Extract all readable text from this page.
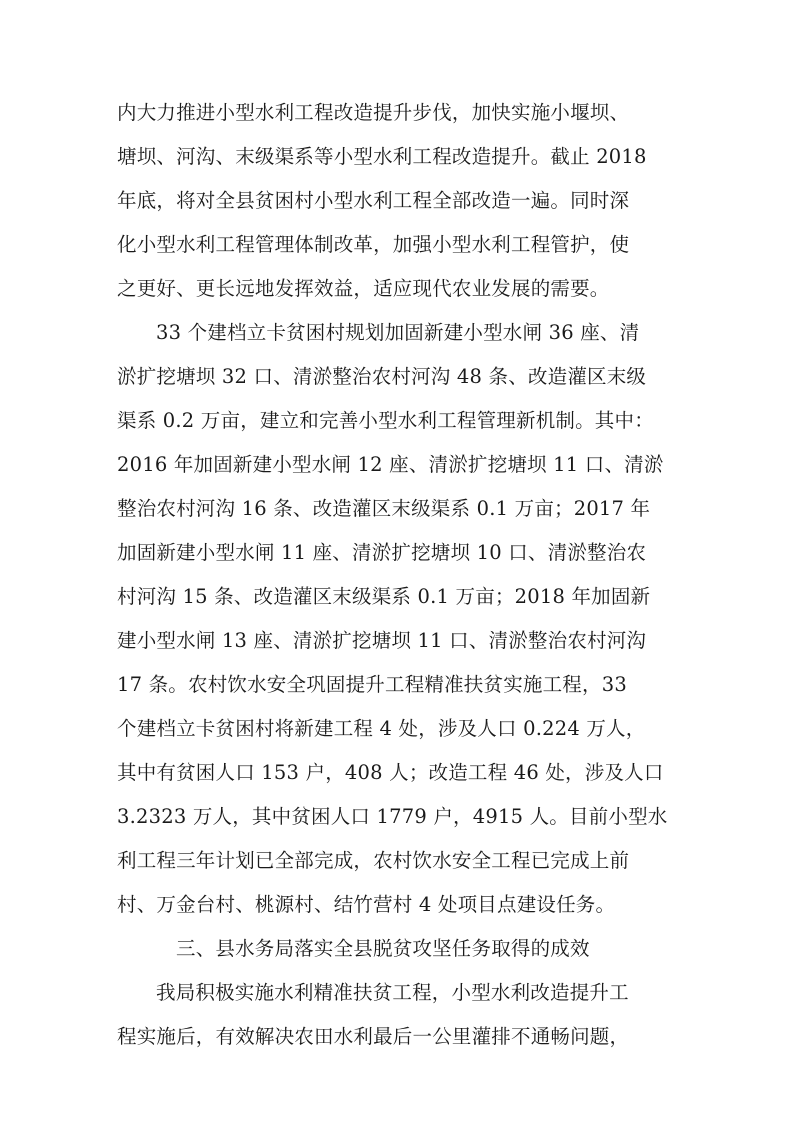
内大力推进小型水利工程改造提升步伐，加快实施小堰坝、
塘坝、河沟、末级渠系等小型水利工程改造提升。截止 2018
年底，将对全县贫困村小型水利工程全部改造一遍。同时深
化小型水利工程管理体制改革，加强小型水利工程管护，使
之更好、更长远地发挥效益，适应现代农业发展的需要。
33 个建档立卡贫困村规划加固新建小型水闸 36 座、清
淤扩挖塘坝 32 口、清淤整治农村河沟 48 条、改造灌区末级
渠系 0.2 万亩，建立和完善小型水利工程管理新机制。其中：
2016 年加固新建小型水闸 12 座、清淤扩挖塘坝 11 口、清淤
整治农村河沟 16 条、改造灌区末级渠系 0.1 万亩；2017 年
加固新建小型水闸 11 座、清淤扩挖塘坝 10 口、清淤整治农
村河沟 15 条、改造灌区末级渠系 0.1 万亩；2018 年加固新
建小型水闸 13 座、清淤扩挖塘坝 11 口、清淤整治农村河沟
17 条。农村饮水安全巩固提升工程精准扶贫实施工程，33
个建档立卡贫困村将新建工程 4 处，涉及人口 0.224 万人，
其中有贫困人口 153 户，408 人；改造工程 46 处，涉及人口
3.2323 万人，其中贫困人口 1779 户，4915 人。目前小型水
利工程三年计划已全部完成，农村饮水安全工程已完成上前
村、万金台村、桃源村、结竹营村 4 处项目点建设任务。
三、县水务局落实全县脱贫攻坚任务取得的成效
我局积极实施水利精准扶贫工程，小型水利改造提升工
程实施后，有效解决农田水利最后一公里灌排不通畅问题，
